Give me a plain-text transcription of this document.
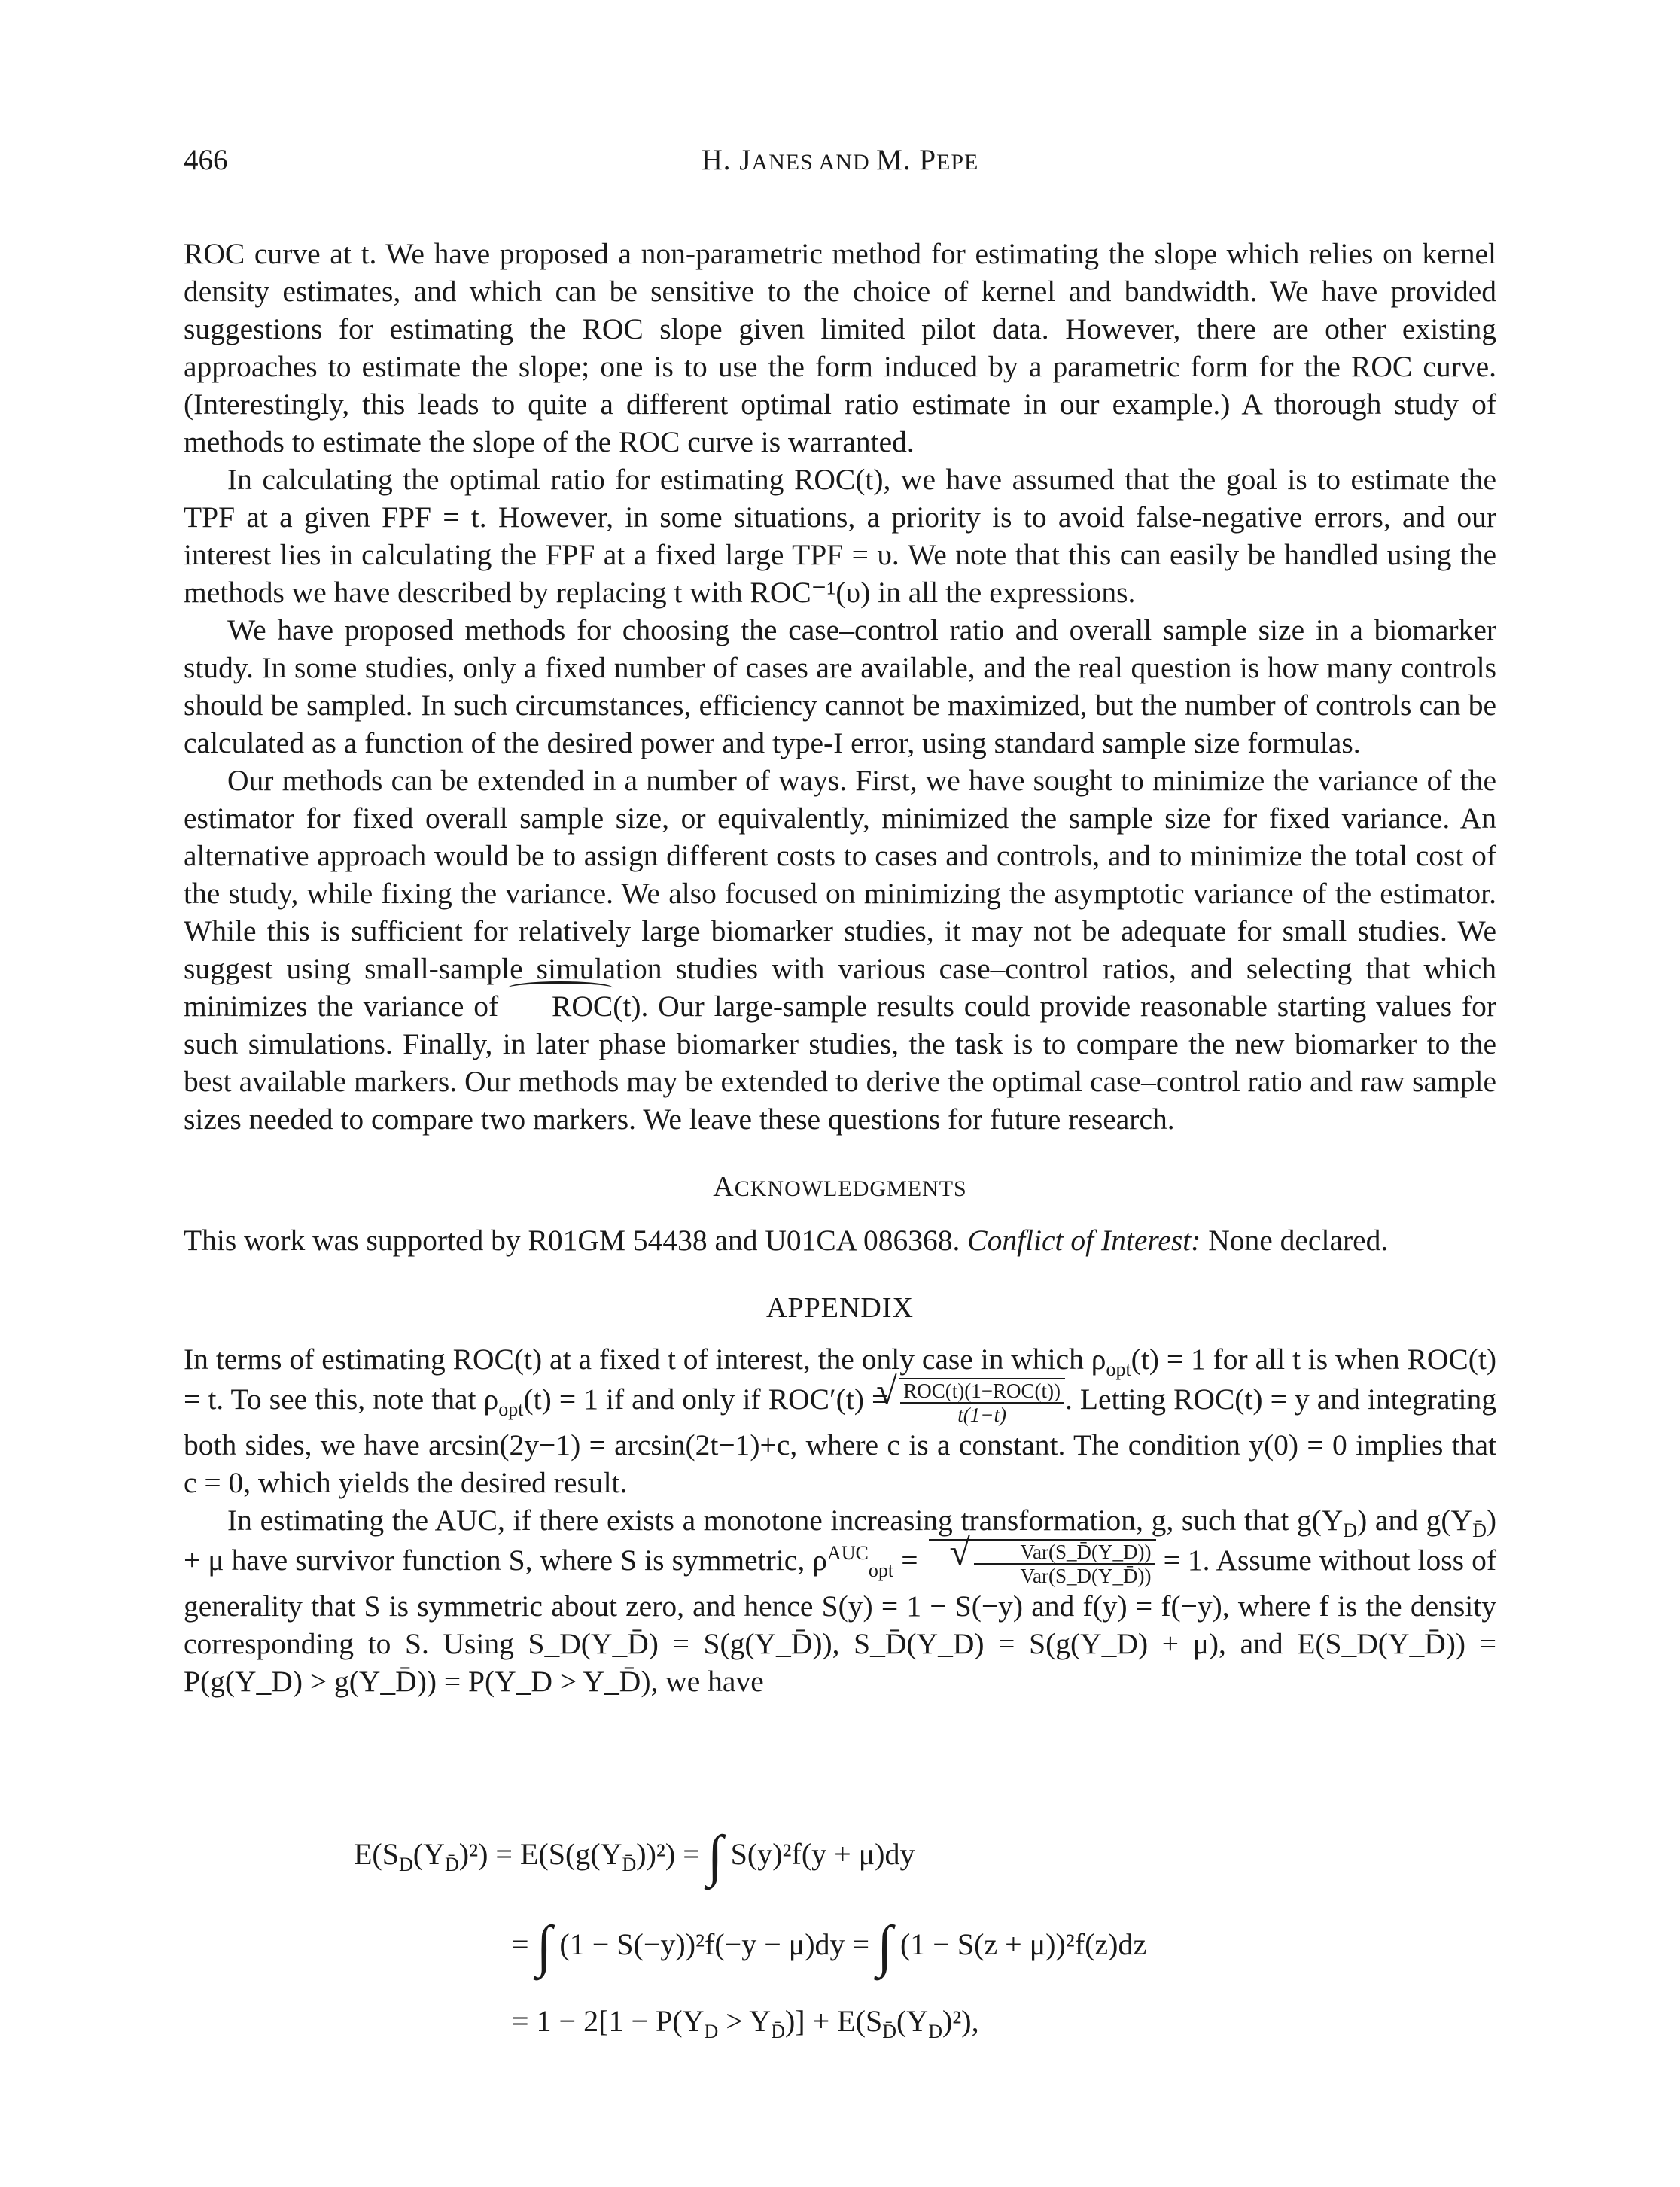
466	H. JANES AND M. PEPE

ROC curve at t. We have proposed a non-parametric method for estimating the slope which relies on kernel density estimates, and which can be sensitive to the choice of kernel and bandwidth. We have provided suggestions for estimating the ROC slope given limited pilot data. However, there are other existing approaches to estimate the slope; one is to use the form induced by a parametric form for the ROC curve. (Interestingly, this leads to quite a different optimal ratio estimate in our example.) A thorough study of methods to estimate the slope of the ROC curve is warranted.

In calculating the optimal ratio for estimating ROC(t), we have assumed that the goal is to estimate the TPF at a given FPF = t. However, in some situations, a priority is to avoid false-negative errors, and our interest lies in calculating the FPF at a fixed large TPF = υ. We note that this can easily be handled using the methods we have described by replacing t with ROC⁻¹(υ) in all the expressions.

We have proposed methods for choosing the case–control ratio and overall sample size in a biomarker study. In some studies, only a fixed number of cases are available, and the real question is how many controls should be sampled. In such circumstances, efficiency cannot be maximized, but the number of controls can be calculated as a function of the desired power and type-I error, using standard sample size formulas.

Our methods can be extended in a number of ways. First, we have sought to minimize the variance of the estimator for fixed overall sample size, or equivalently, minimized the sample size for fixed variance. An alternative approach would be to assign different costs to cases and controls, and to minimize the total cost of the study, while fixing the variance. We also focused on minimizing the asymptotic variance of the estimator. While this is sufficient for relatively large biomarker studies, it may not be adequate for small studies. We suggest using small-sample simulation studies with various case–control ratios, and selecting that which minimizes the variance of ROC(t). Our large-sample results could provide reasonable starting values for such simulations. Finally, in later phase biomarker studies, the task is to compare the new biomarker to the best available markers. Our methods may be extended to derive the optimal case–control ratio and raw sample sizes needed to compare two markers. We leave these questions for future research.

ACKNOWLEDGMENTS

This work was supported by R01GM 54438 and U01CA 086368. Conflict of Interest: None declared.

APPENDIX

In terms of estimating ROC(t) at a fixed t of interest, the only case in which $\rho_{opt}(t) = 1$ for all t is when ROC(t) = t. To see this, note that $\rho_{opt}(t) = 1$ if and only if ROC′(t) = √ $\frac{\text{ROC(t)(1−ROC(t))}}{t(1-t)}$ . Letting ROC(t) = y and integrating both sides, we have arcsin(2y−1) = arcsin(2t−1)+c, where c is a constant. The condition y(0) = 0 implies that c = 0, which yields the desired result.

In estimating the AUC, if there exists a monotone increasing transformation, g, such that $g(Y_D)$ and $g(Y_{D̄}) + \mu$ have survivor function S, where S is symmetric, $\rho^{AUC}_{opt}$ = √ $\frac{\text{Var(S\_D̄(Y\_D))}}{\text{Var(S\_D(Y\_D̄))}} = 1$. Assume without loss of generality that S is symmetric about zero, and hence S(y) = 1 − S(−y) and f(y) = f(−y), where f is the density corresponding to S. Using S_D(Y_D̄) = S(g(Y_D̄)), S_D̄(Y_D) = S(g(Y_D) + μ), and E(S_D(Y_D̄)) = P(g(Y_D) > g(Y_D̄)) = P(Y_D > Y_D̄), we have

$E(S_D(Y_{D̄})^2) = E(S(g(Y_{D̄}))^2)$ = ∫ S(y)²f(y + μ)dy
= ∫ (1 − S(−y))²f(−y − μ)dy = ∫ (1 − S(z + μ))²f(z)dz
= $1 - 2[1 - P(Y_D > Y_{D̄})] + E(S_{D̄}(Y_D)^2)$,
